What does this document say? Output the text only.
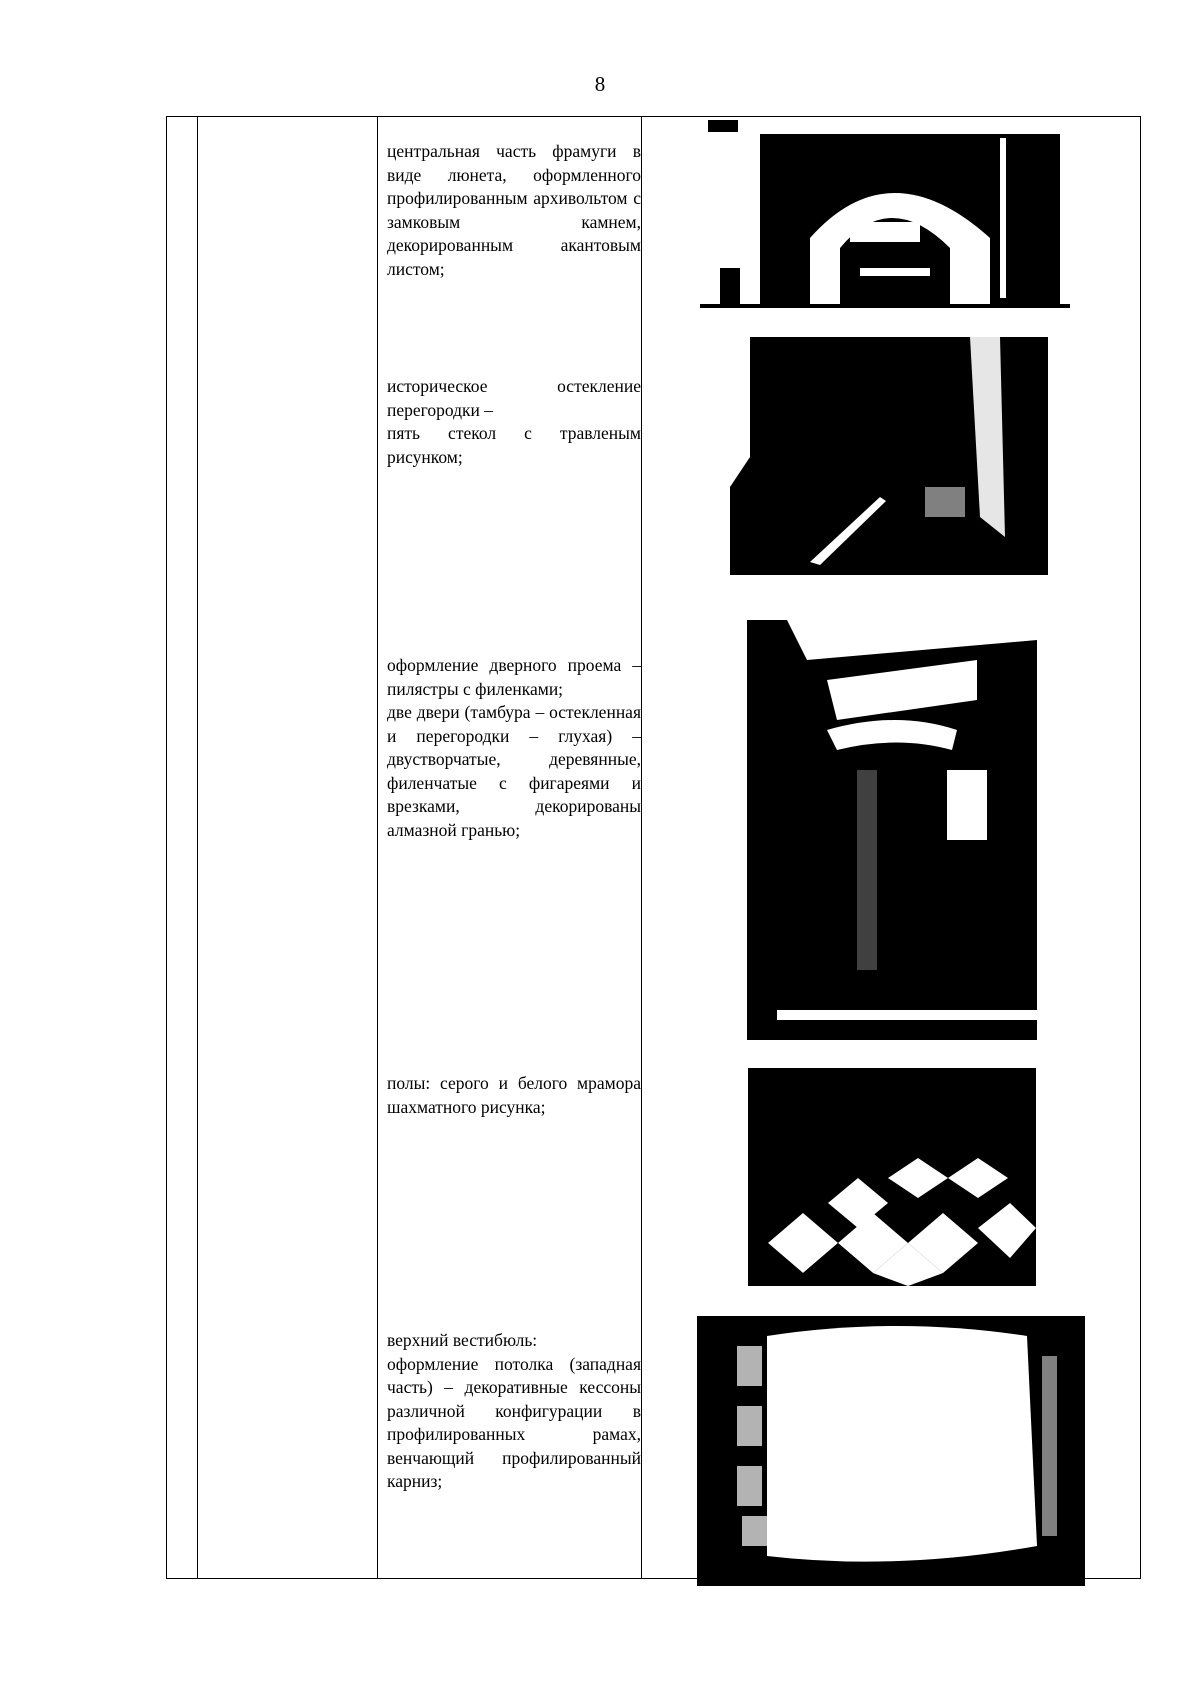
8

центральная часть фрамуги в виде люнета, оформленного профилированным архивольтом с замковым камнем, декорированным акантовым листом;

историческое остекление перегородки –

пять стекол с травленым рисунком;

оформление дверного проема – пилястры с филенками;

две двери (тамбура – остекленная и перегородки – глухая) – двустворчатые, деревянные, филенчатые с фигареями и врезками, декорированы алмазной гранью;

полы: серого и белого мрамора шахматного рисунка;

верхний вестибюль:

оформление потолка (западная часть) – декоративные кессоны различной конфигурации в профилированных рамах, венчающий профилированный карниз;
